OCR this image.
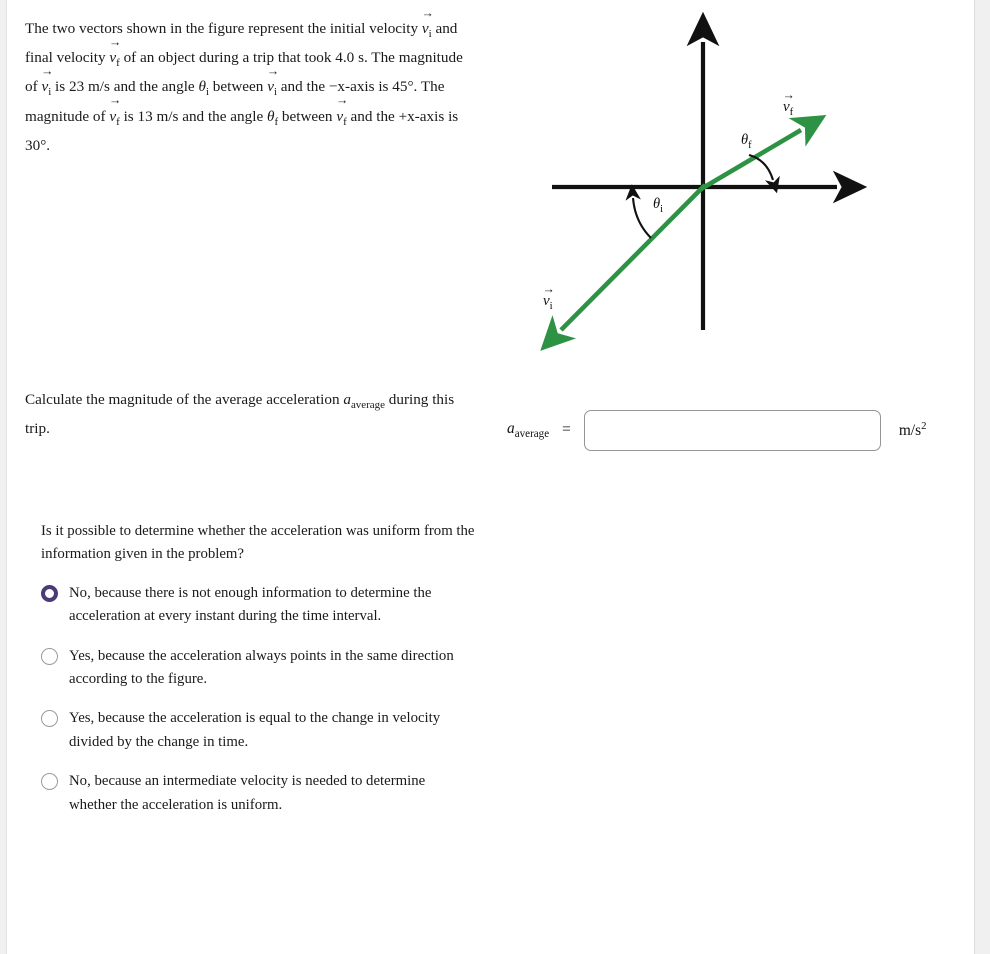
The two vectors shown in the figure represent the initial velocity
→
$v_i$ and final velocity
→
$v_f$ of an object during a trip that took 4.0 s. The magnitude of
→
$v_i$ is 23 m/s and the angle $\theta_i$ between
→
$v_i$ and the −x-axis is 45°. The magnitude of
→
$v_f$ is 13 m/s and the angle $\theta_f$ between
→
$v_f$ and the +x-axis is 30°.
x
y
→
$v_f$
→
$v_i$
$\theta_i$
$\theta_f$
Calculate the magnitude of the average acceleration $a_{average}$ during this trip.	$a_{average}$ =	$m/s^2$
Is it possible to determine whether the acceleration was uniform from the information given in the problem?
No, because there is not enough information to determine the acceleration at every instant during the time interval.
Yes, because the acceleration always points in the same direction according to the figure.
Yes, because the acceleration is equal to the change in velocity divided by the change in time.
No, because an intermediate velocity is needed to determine whether the acceleration is uniform.
